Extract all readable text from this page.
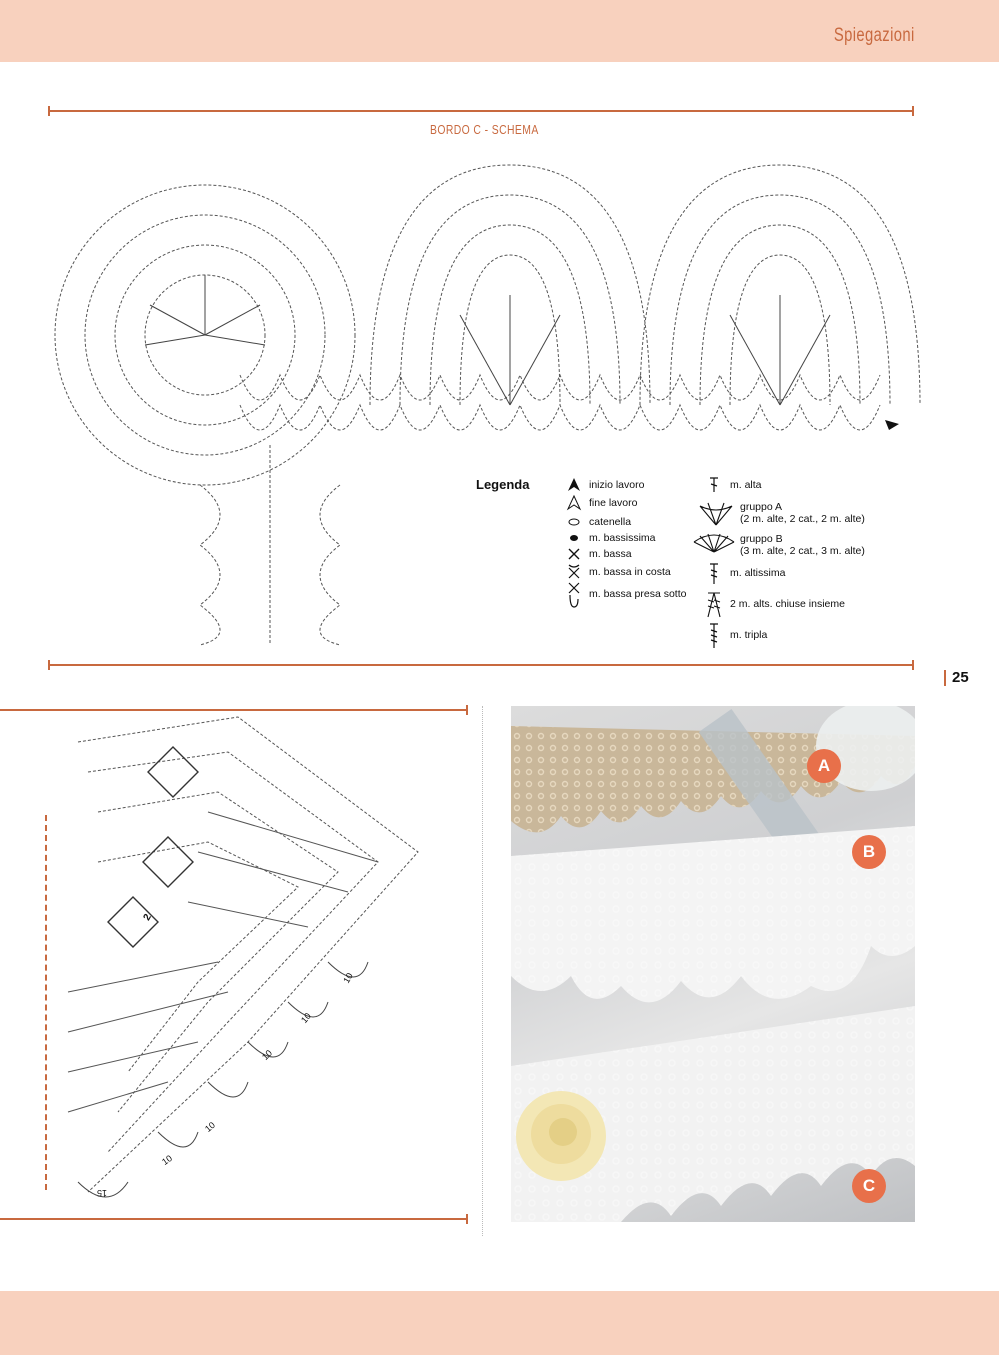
Spiegazioni
BORDO C - SCHEMA
Legenda	inizio lavoro
fine lavoro
catenella
m. bassissima
m. bassa
m. bassa in costa
m. bassa presa sotto
m. alta
gruppo A
(2 m. alte, 2 cat., 2 m. alte)
gruppo B
(3 m. alte, 2 cat., 3 m. alte)
m. altissima
2 m. alts. chiuse insieme
m. tripla
25
10
10
10
10
10
15
2
A
B
C
